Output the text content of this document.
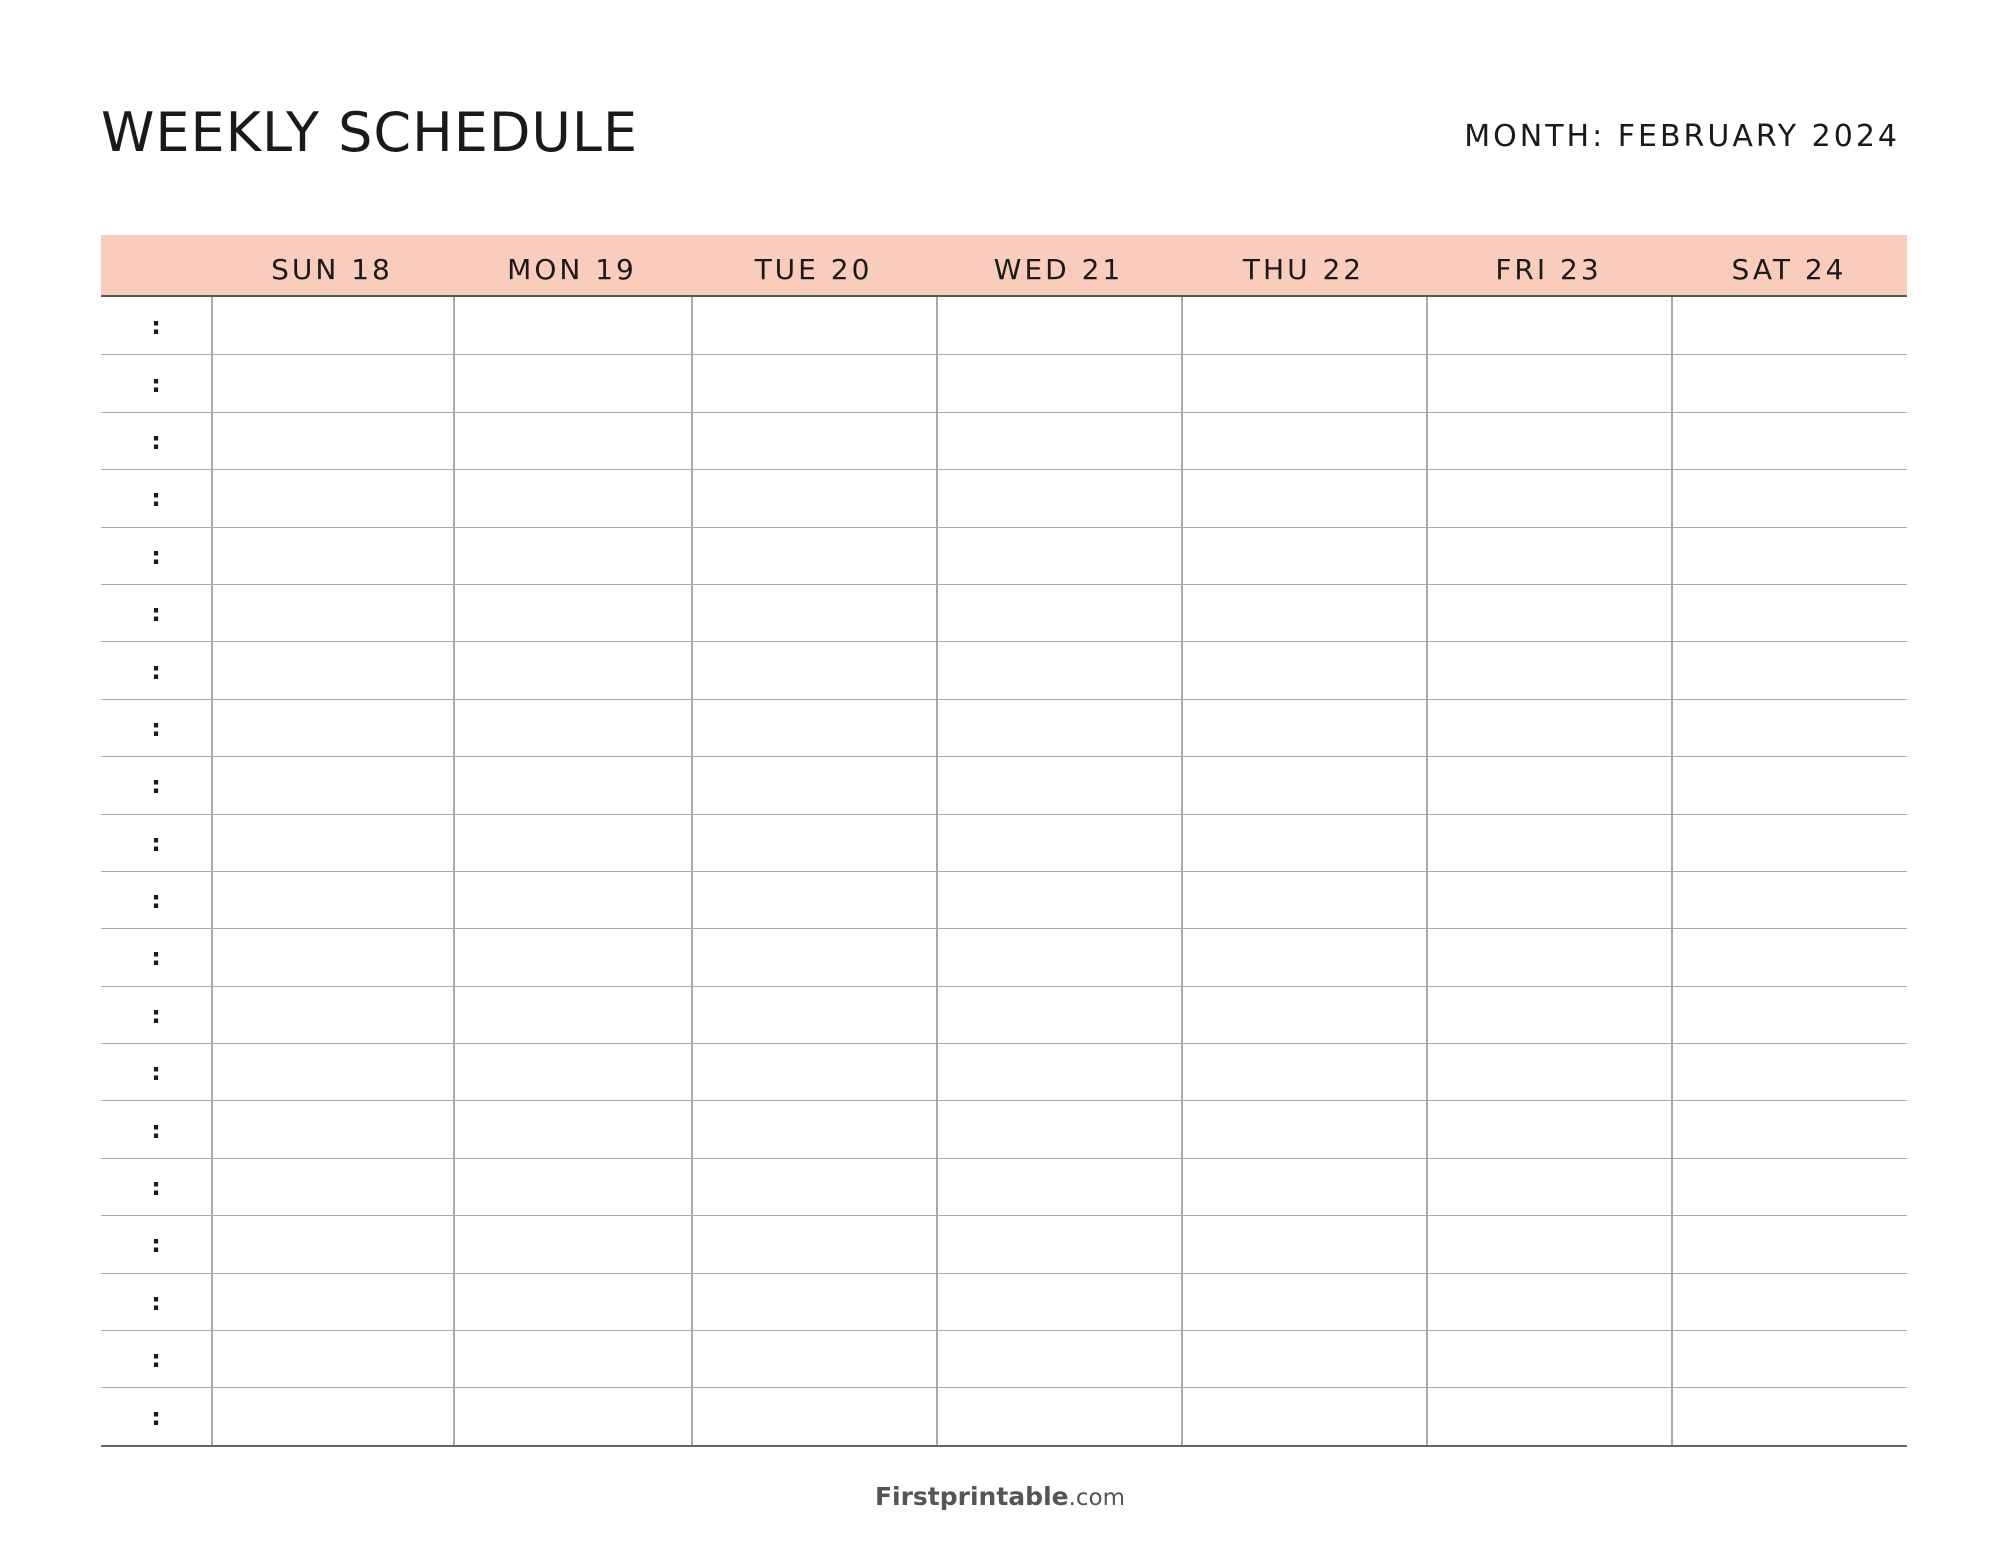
WEEKLY SCHEDULE	MONTH: FEBRUARY 2024
SUN 18	MON 19	TUE 20	WED 21	THU 22	FRI 23	SAT 24
:
:
:
:
:
:
:
:
:
:
:
:
:
:
:
:
:
:
:
:
Firstprintable.com
